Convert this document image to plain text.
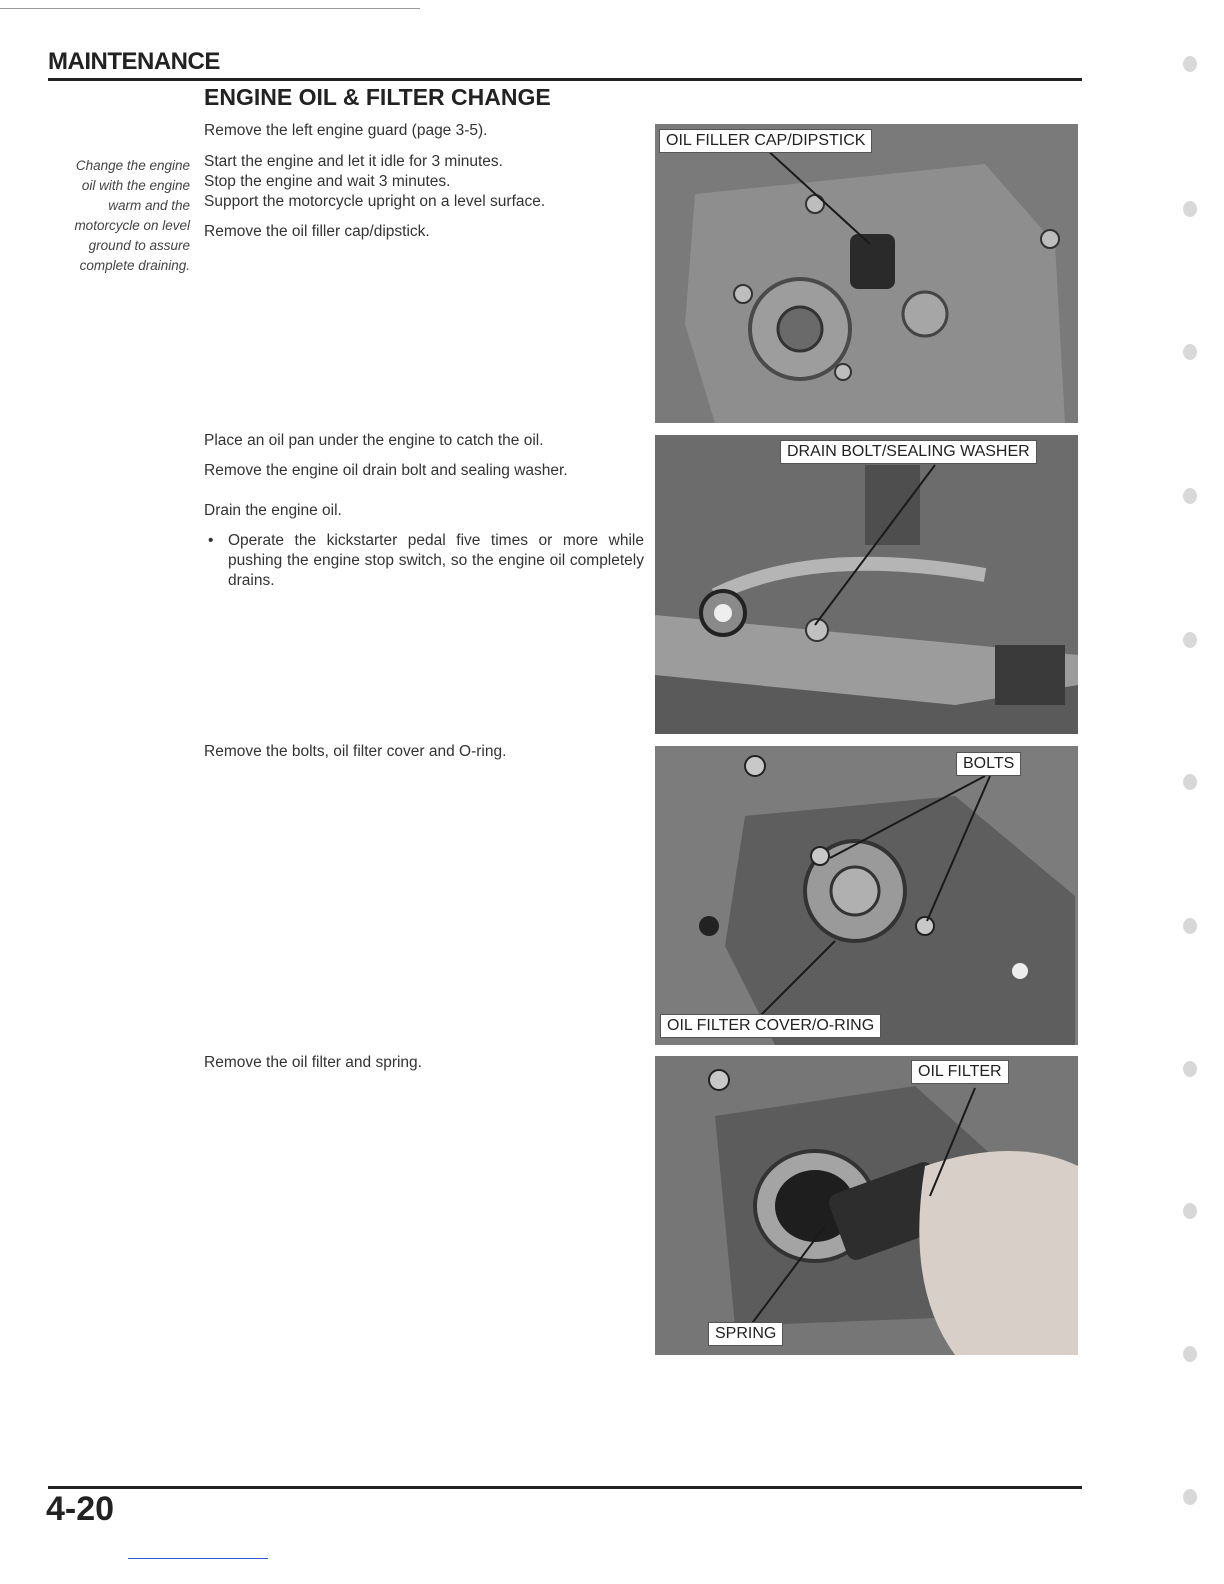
MAINTENANCE
ENGINE OIL & FILTER CHANGE
Change the engine
oil with the engine
warm and the
motorcycle on level
ground to assure
complete draining.
Remove the left engine guard (page 3-5).
Start the engine and let it idle for 3 minutes.
Stop the engine and wait 3 minutes.
Support the motorcycle upright on a level surface.
Remove the oil filler cap/dipstick.
Place an oil pan under the engine to catch the oil.
Remove the engine oil drain bolt and sealing washer.
Drain the engine oil.
• Operate the kickstarter pedal five times or more while pushing the engine stop switch, so the engine oil completely drains.
Remove the bolts, oil filter cover and O-ring.
Remove the oil filter and spring.
OIL FILLER CAP/DIPSTICK
DRAIN BOLT/SEALING WASHER
BOLTS
OIL FILTER COVER/O-RING
OIL FILTER
SPRING
4-20
